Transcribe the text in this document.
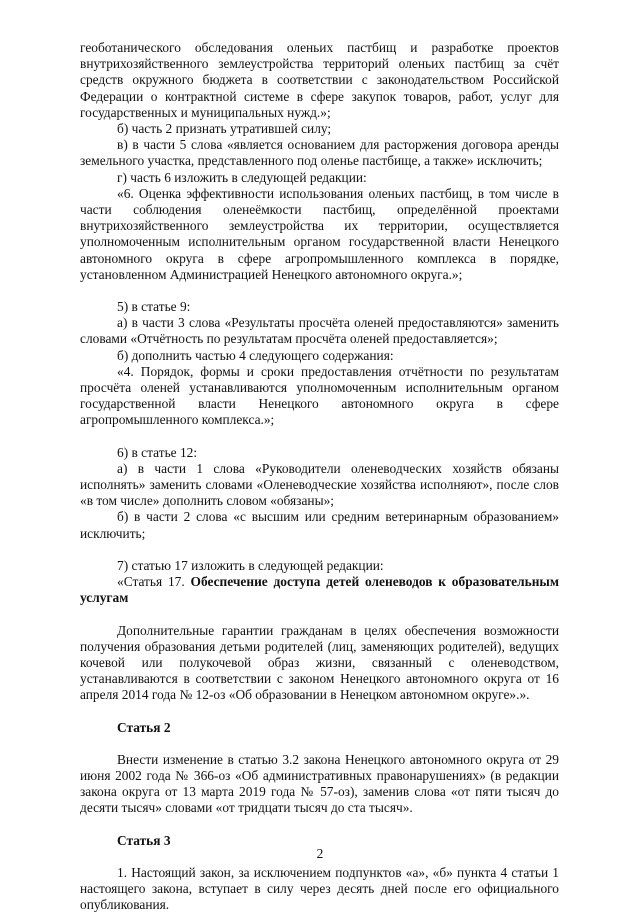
геоботанического обследования оленьих пастбищ и разработке проектов внутрихозяйственного землеустройства территорий оленьих пастбищ за счёт средств окружного бюджета в соответствии с законодательством Российской Федерации о контрактной системе в сфере закупок товаров, работ, услуг для государственных и муниципальных нужд.»;

б) часть 2 признать утратившей силу;

в) в части 5 слова «является основанием для расторжения договора аренды земельного участка, представленного под оленье пастбище, а также» исключить;

г) часть 6 изложить в следующей редакции:

«6. Оценка эффективности использования оленьих пастбищ, в том числе в части соблюдения оленеёмкости пастбищ, определённой проектами внутрихозяйственного землеустройства их территории, осуществляется уполномоченным исполнительным органом государственной власти Ненецкого автономного округа в сфере агропромышленного комплекса в порядке, установленном Администрацией Ненецкого автономного округа.»;

5) в статье 9:

а) в части 3 слова «Результаты просчёта оленей предоставляются» заменить словами «Отчётность по результатам просчёта оленей предоставляется»;

б) дополнить частью 4 следующего содержания:

«4. Порядок, формы и сроки предоставления отчётности по результатам просчёта оленей устанавливаются уполномоченным исполнительным органом государственной власти Ненецкого автономного округа в сфере агропромышленного комплекса.»;

6) в статье 12:

а) в части 1 слова «Руководители оленеводческих хозяйств обязаны исполнять» заменить словами «Оленеводческие хозяйства исполняют», после слов «в том числе» дополнить словом «обязаны»;

б) в части 2 слова «с высшим или средним ветеринарным образованием» исключить;

7) статью 17 изложить в следующей редакции:

«Статья 17. Обеспечение доступа детей оленеводов к образовательным услугам

Дополнительные гарантии гражданам в целях обеспечения возможности получения образования детьми родителей (лиц, заменяющих родителей), ведущих кочевой или полукочевой образ жизни, связанный с оленеводством, устанавливаются в соответствии с законом Ненецкого автономного округа от 16 апреля 2014 года № 12-оз «Об образовании в Ненецком автономном округе».».

Статья 2

Внести изменение в статью 3.2 закона Ненецкого автономного округа от 29 июня 2002 года № 366-оз «Об административных правонарушениях» (в редакции закона округа от 13 марта 2019 года № 57-оз), заменив слова «от пяти тысяч до десяти тысяч» словами «от тридцати тысяч до ста тысяч».

Статья 3

1. Настоящий закон, за исключением подпунктов «а», «б» пункта 4 статьи 1 настоящего закона, вступает в силу через десять дней после его официального опубликования.

2
